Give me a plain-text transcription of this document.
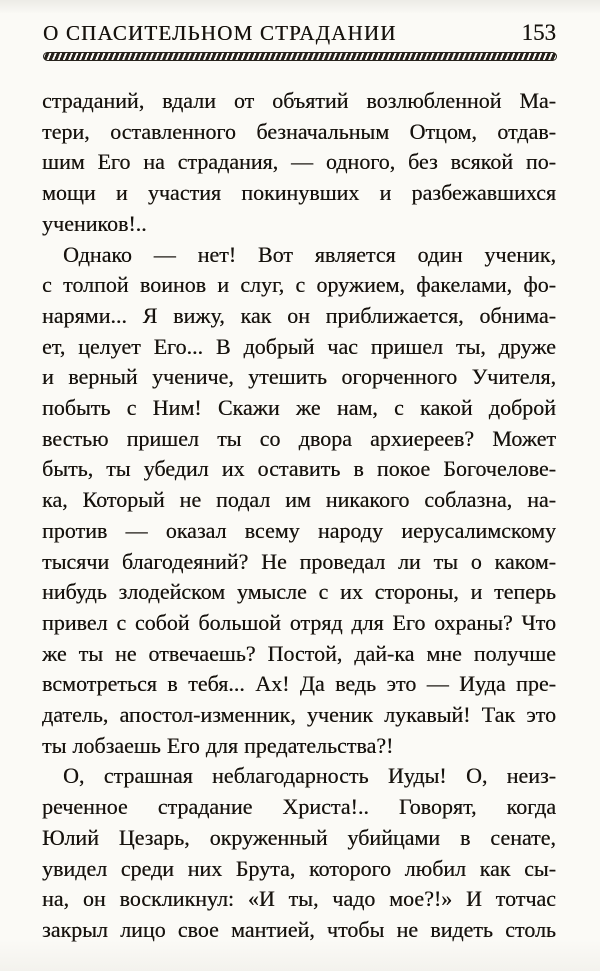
О СПАСИТЕЛЬНОМ СТРАДАНИИ	153
страданий, вдали от объятий возлюбленной Ма-
тери, оставленного безначальным Отцом, отдав-
шим Его на страдания, — одного, без всякой по-
мощи и участия покинувших и разбежавшихся
учеников!..
Однако — нет! Вот является один ученик,
с толпой воинов и слуг, с оружием, факелами, фо-
нарями... Я вижу, как он приближается, обнима-
ет, целует Его... В добрый час пришел ты, друже
и верный учениче, утешить огорченного Учителя,
побыть с Ним! Скажи же нам, с какой доброй
вестью пришел ты со двора архиереев? Может
быть, ты убедил их оставить в покое Богочелове-
ка, Который не подал им никакого соблазна, на-
против — оказал всему народу иерусалимскому
тысячи благодеяний? Не проведал ли ты о каком-
нибудь злодейском умысле с их стороны, и теперь
привел с собой большой отряд для Его охраны? Что
же ты не отвечаешь? Постой, дай-ка мне получше
всмотреться в тебя... Ах! Да ведь это — Иуда пре-
датель, апостол-изменник, ученик лукавый! Так это
ты лобзаешь Его для предательства?!
О, страшная неблагодарность Иуды! О, неиз-
реченное страдание Христа!.. Говорят, когда
Юлий Цезарь, окруженный убийцами в сенате,
увидел среди них Брута, которого любил как сы-
на, он воскликнул: «И ты, чадо мое?!» И тотчас
закрыл лицо свое мантией, чтобы не видеть столь
